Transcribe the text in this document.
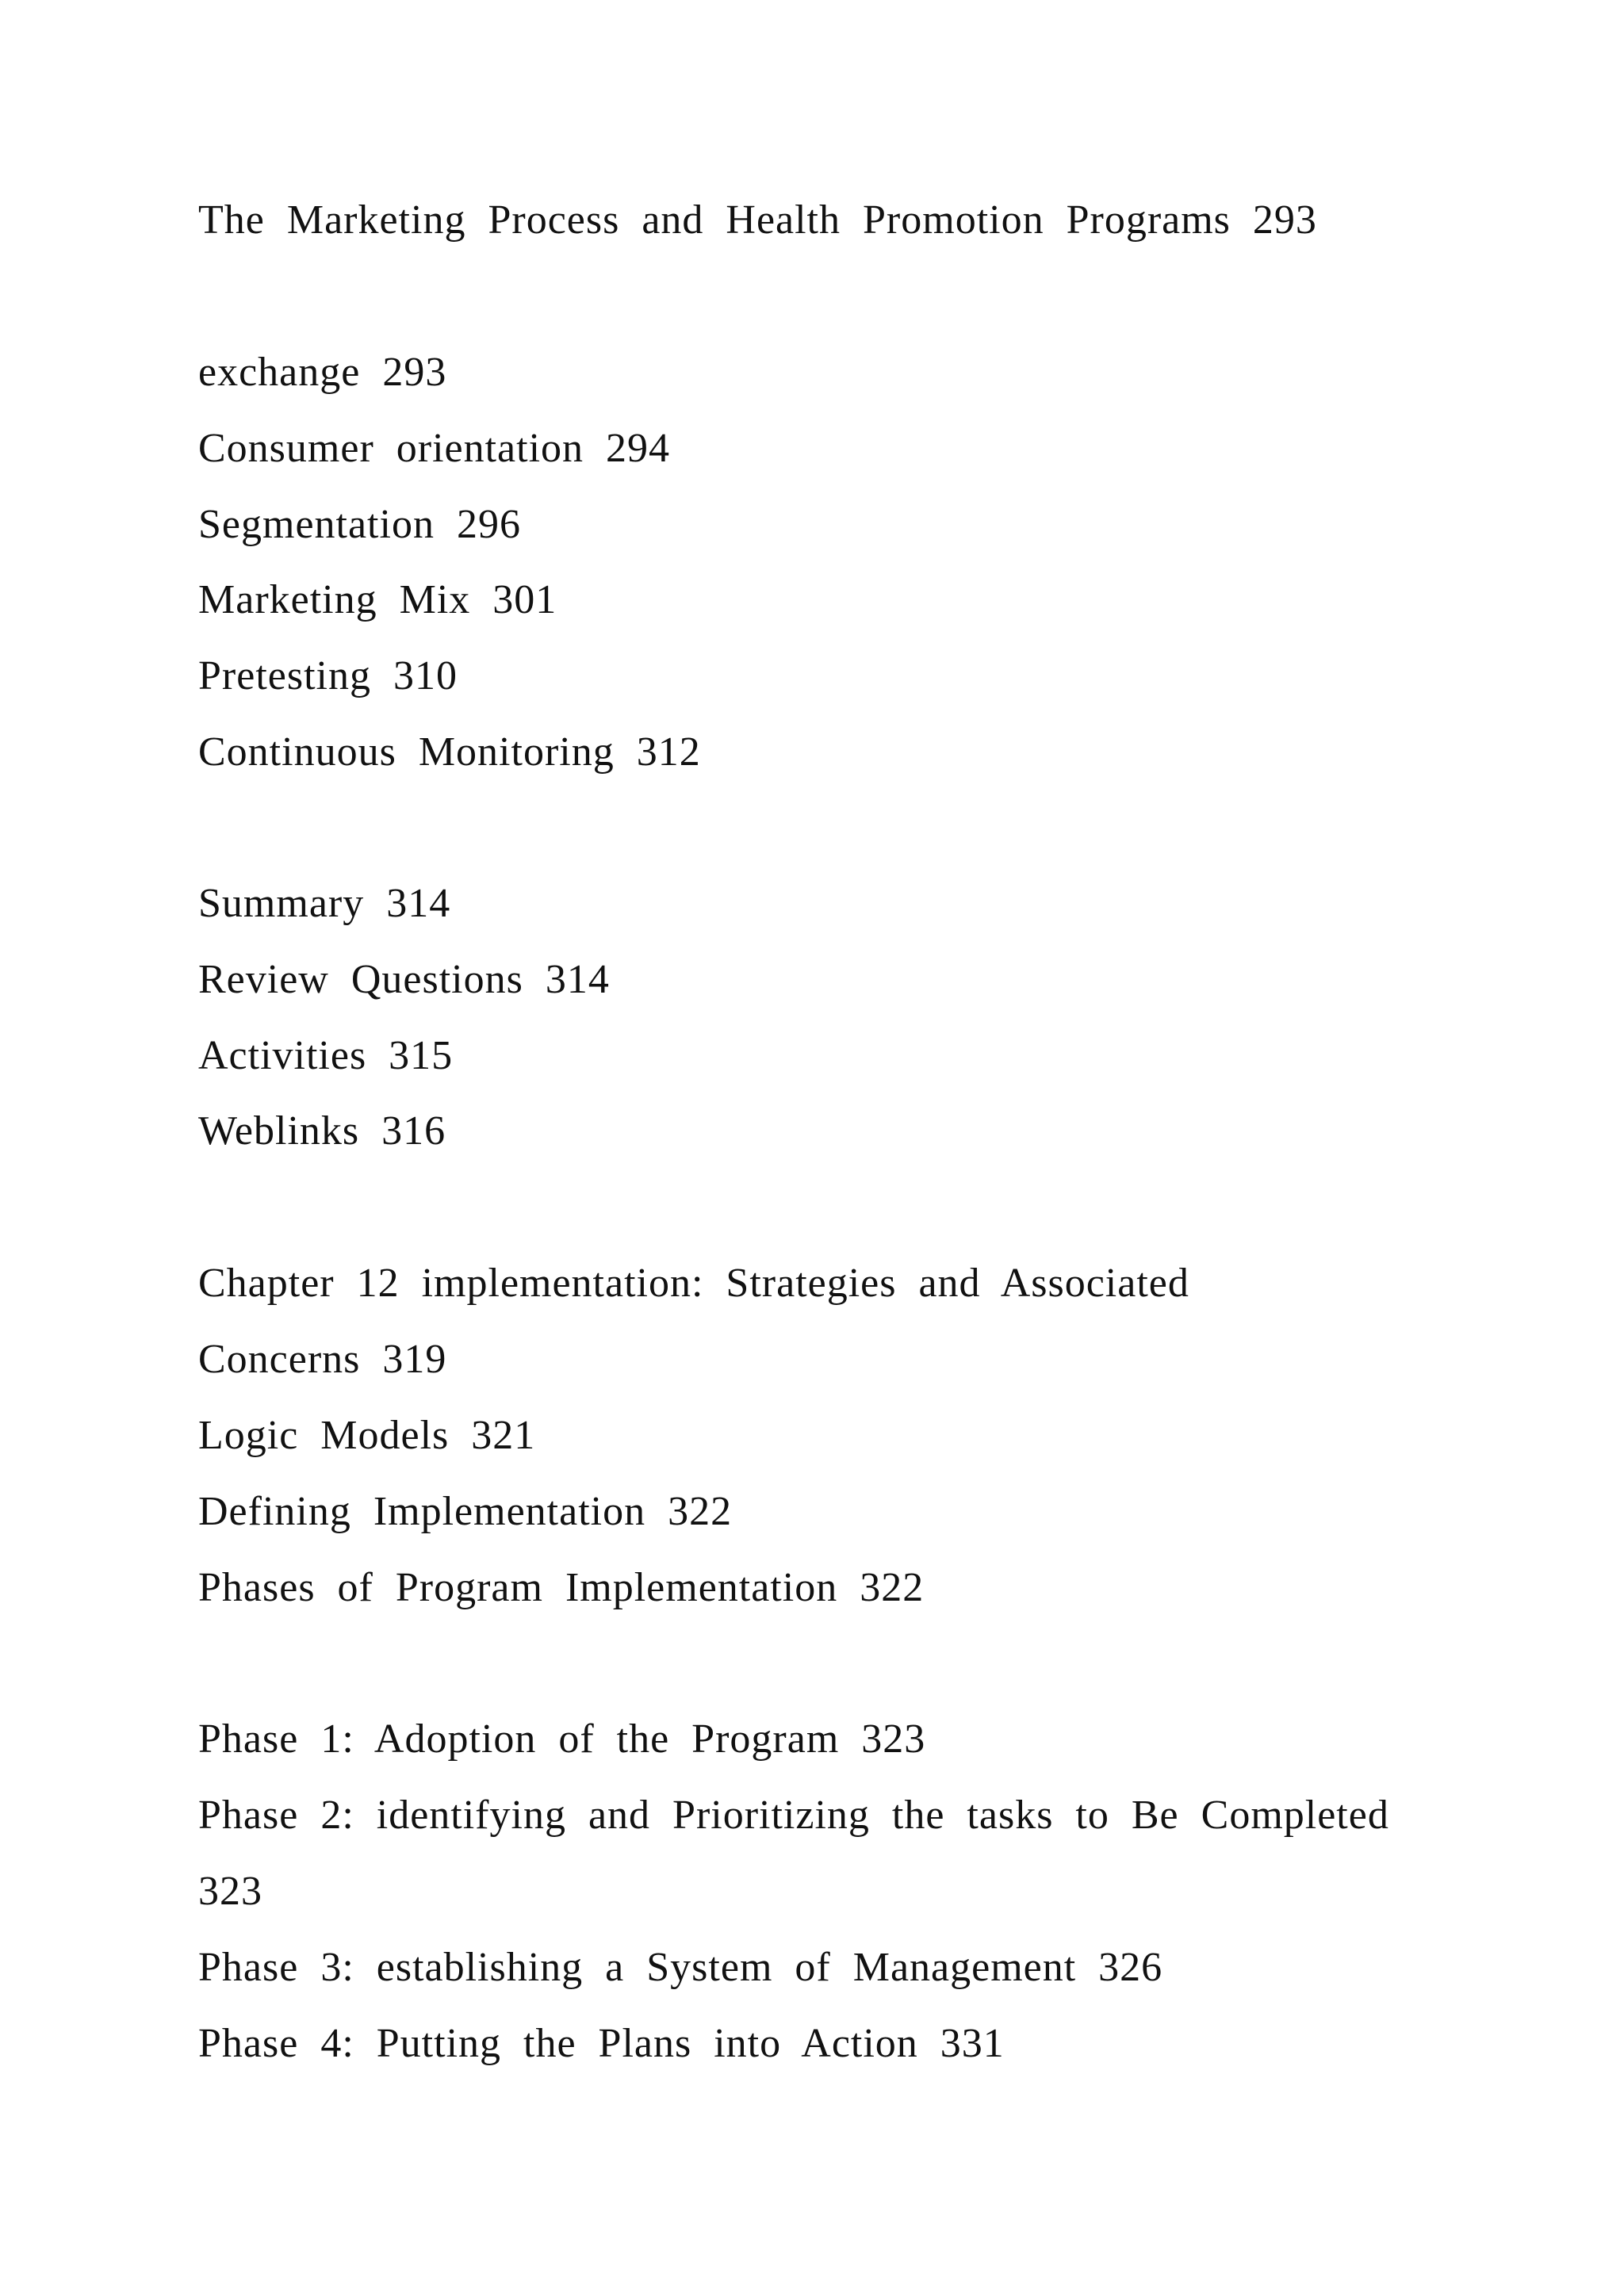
The Marketing Process and Health Promotion Programs 293
exchange 293
Consumer orientation 294
Segmentation 296
Marketing Mix 301
Pretesting 310
Continuous Monitoring 312
Summary 314
Review Questions 314
Activities 315
Weblinks 316
Chapter 12 implementation: Strategies and Associated
Concerns 319
Logic Models 321
Defining Implementation 322
Phases of Program Implementation 322
Phase 1: Adoption of the Program 323
Phase 2: identifying and Prioritizing the tasks to Be Completed
323
Phase 3: establishing a System of Management 326
Phase 4: Putting the Plans into Action 331
